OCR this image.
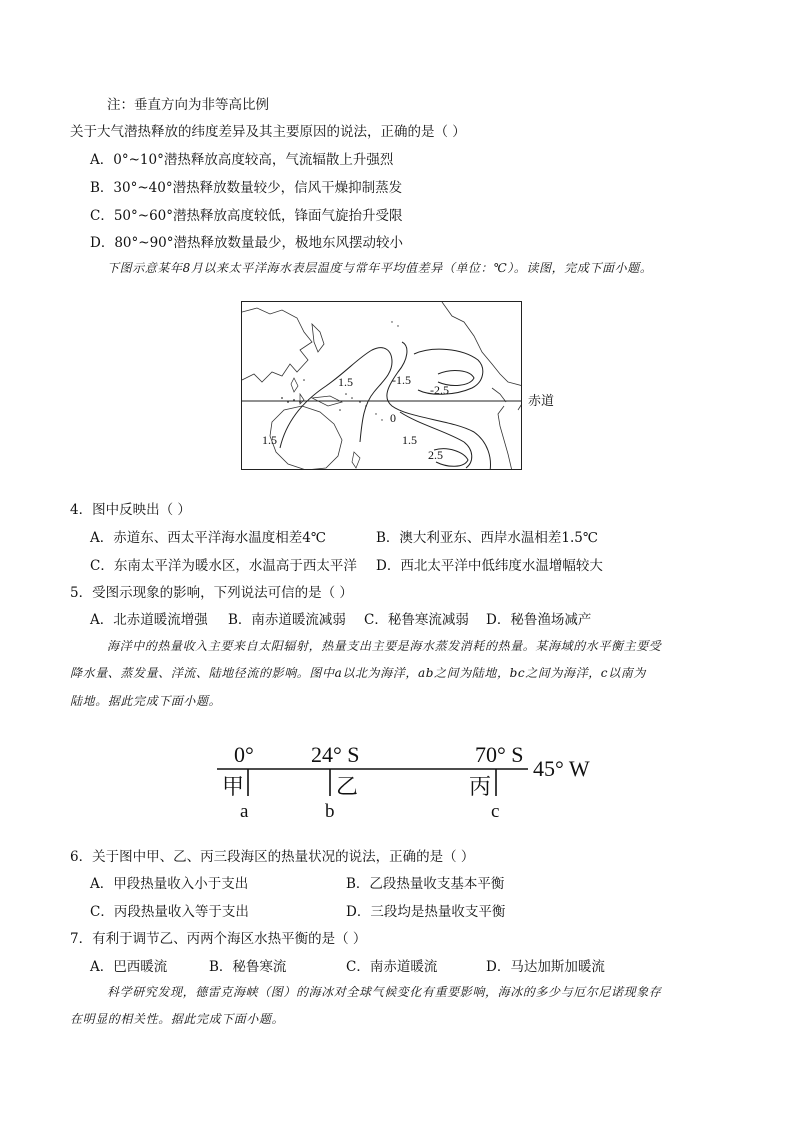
注：垂直方向为非等高比例
关于大气潜热释放的纬度差异及其主要原因的说法，正确的是（ ）
A．0°~10°潜热释放高度较高，气流辐散上升强烈
B．30°~40°潜热释放数量较少，信风干燥抑制蒸发
C．50°~60°潜热释放高度较低，锋面气旋抬升受限
D．80°~90°潜热释放数量最少，极地东风摆动较小
下图示意某年8月以来太平洋海水表层温度与常年平均值差异（单位：℃）。读图，完成下面小题。
1.5	-1.5
-2.5
0
1.5	1.5
2.5
赤道
4．图中反映出（ ）
A．赤道东、西太平洋海水温度相差4℃	B．澳大利亚东、西岸水温相差1.5℃
C．东南太平洋为暖水区，水温高于西太平洋 D．西北太平洋中低纬度水温增幅较大
5．受图示现象的影响，下列说法可信的是（ ）
A．北赤道暖流增强 B．南赤道暖流减弱 C．秘鲁寒流减弱 D．秘鲁渔场减产
海洋中的热量收入主要来自太阳辐射，热量支出主要是海水蒸发消耗的热量。某海域的水平衡主要受
降水量、蒸发量、洋流、陆地径流的影响。图中a以北为海洋，ab之间为陆地，bc之间为海洋，c以南为
陆地。据此完成下面小题。
0°	24° S	70° S
45° W
甲	乙	丙
a	b	c
6．关于图中甲、乙、丙三段海区的热量状况的说法，正确的是（ ）
A．甲段热量收入小于支出	B．乙段热量收支基本平衡
C．丙段热量收入等于支出	D．三段均是热量收支平衡
7．有利于调节乙、丙两个海区水热平衡的是（ ）
A．巴西暖流	B．秘鲁寒流	C．南赤道暖流	D．马达加斯加暖流
科学研究发现，德雷克海峡（图）的海冰对全球气候变化有重要影响，海冰的多少与厄尔尼诺现象存
在明显的相关性。据此完成下面小题。
